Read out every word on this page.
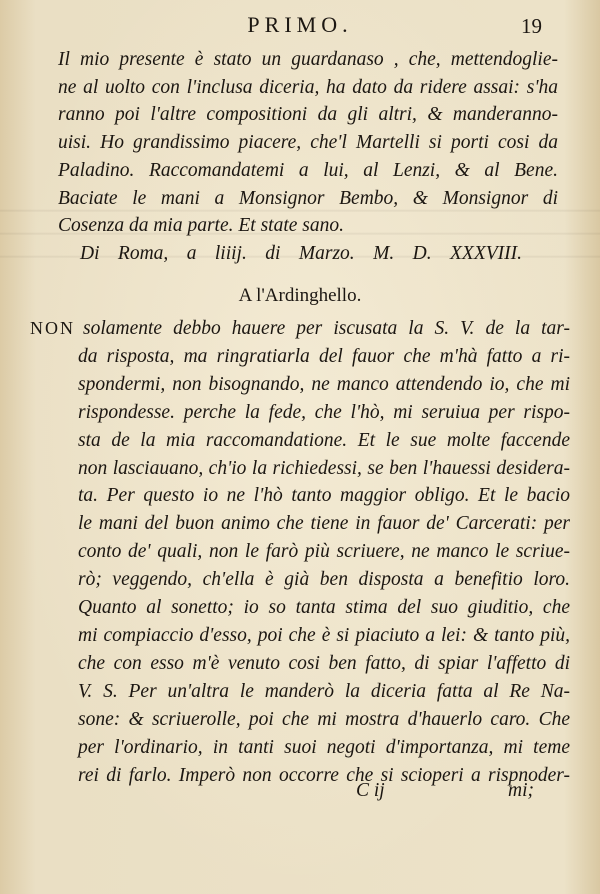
PRIMO.	19
Il mio presente è stato un guardanaso , che, mettendoglie-
ne al uolto con l'inclusa diceria, ha dato da ridere assai: s'ha
ranno poi l'altre compositioni da gli altri, & manderanno-
uisi. Ho grandissimo piacere, che'l Martelli si porti cosi da
Paladino. Raccomandatemi a lui, al Lenzi, & al Bene.
Baciate le mani a Monsignor Bembo, & Monsignor di
Cosenza da mia parte. Et state sano.
Di Roma, a liiij. di Marzo. M. D. XXXVIII.
A l'Ardinghello.
NON solamente debbo hauere per iscusata la S. V. de la tar-
da risposta, ma ringratiarla del fauor che m'hà fatto a ri-
spondermi, non bisognando, ne manco attendendo io, che mi
rispondesse. perche la fede, che l'hò, mi seruiua per rispo-
sta de la mia raccomandatione. Et le sue molte faccende
non lasciauano, ch'io la richiedessi, se ben l'hauessi desidera-
ta. Per questo io ne l'hò tanto maggior obligo. Et le bacio
le mani del buon animo che tiene in fauor de' Carcerati: per
conto de' quali, non le farò più scriuere, ne manco le scriue-
rò; veggendo, ch'ella è già ben disposta a benefitio loro.
Quanto al sonetto; io so tanta stima del suo giuditio, che
mi compiaccio d'esso, poi che è si piaciuto a lei: & tanto più,
che con esso m'è venuto cosi ben fatto, di spiar l'affetto di
V. S. Per un'altra le manderò la diceria fatta al Re Na-
sone: & scriuerolle, poi che mi mostra d'hauerlo caro. Che
per l'ordinario, in tanti suoi negoti d'importanza, mi teme
rei di farlo. Imperò non occorre che si scioperi a rispnoder-
C ij	mi;
